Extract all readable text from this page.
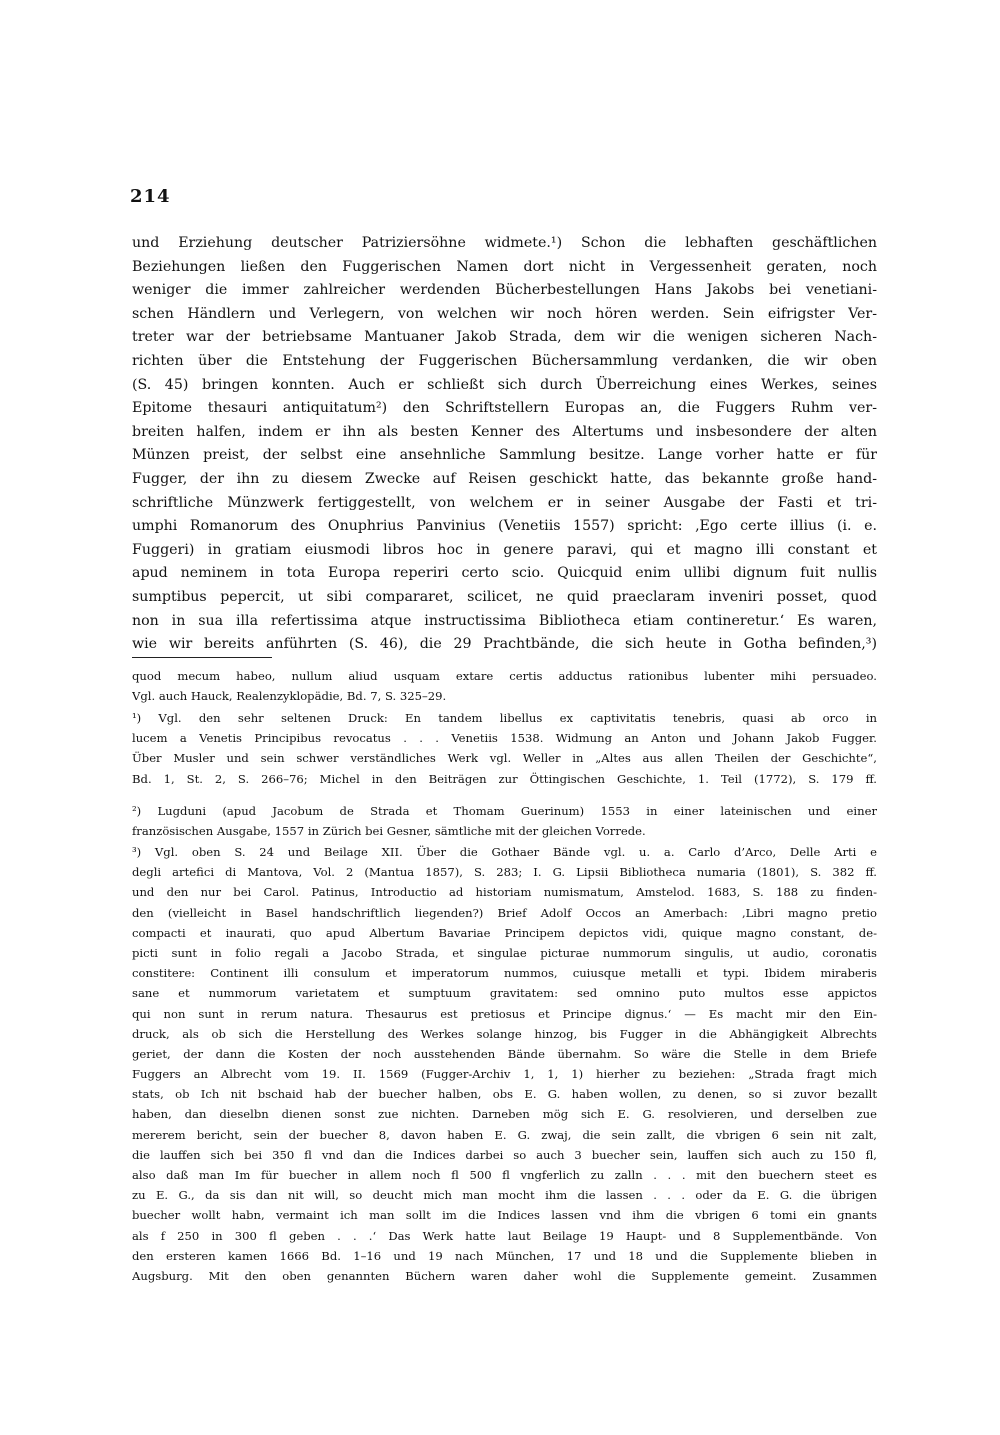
214
und Erziehung deutscher Patriziersöhne widmete.¹) Schon die lebhaften geschäftlichen
Beziehungen ließen den Fuggerischen Namen dort nicht in Vergessenheit geraten, noch
weniger die immer zahlreicher werdenden Bücherbestellungen Hans Jakobs bei venetiani-
schen Händlern und Verlegern, von welchen wir noch hören werden. Sein eifrigster Ver-
treter war der betriebsame Mantuaner Jakob Strada, dem wir die wenigen sicheren Nach-
richten über die Entstehung der Fuggerischen Büchersammlung verdanken, die wir oben
(S. 45) bringen konnten. Auch er schließt sich durch Überreichung eines Werkes, seines
Epitome thesauri antiquitatum²) den Schriftstellern Europas an, die Fuggers Ruhm ver-
breiten halfen, indem er ihn als besten Kenner des Altertums und insbesondere der alten
Münzen preist, der selbst eine ansehnliche Sammlung besitze. Lange vorher hatte er für
Fugger, der ihn zu diesem Zwecke auf Reisen geschickt hatte, das bekannte große hand-
schriftliche Münzwerk fertiggestellt, von welchem er in seiner Ausgabe der Fasti et tri-
umphi Romanorum des Onuphrius Panvinius (Venetiis 1557) spricht: ‚Ego certe illius (i. e.
Fuggeri) in gratiam eiusmodi libros hoc in genere paravi, qui et magno illi constant et
apud neminem in tota Europa reperiri certo scio. Quicquid enim ullibi dignum fuit nullis
sumptibus pepercit, ut sibi compararet, scilicet, ne quid praeclaram inveniri posset, quod
non in sua illa refertissima atque instructissima Bibliotheca etiam contineretur.‘ Es waren,
wie wir bereits anführten (S. 46), die 29 Prachtbände, die sich heute in Gotha befinden,³)
quod mecum habeo, nullum aliud usquam extare certis adductus rationibus lubenter mihi persuadeo.
Vgl. auch Hauck, Realenzyklopädie, Bd. 7, S. 325–29.
¹) Vgl. den sehr seltenen Druck: En tandem libellus ex captivitatis tenebris, quasi ab orco in
lucem a Venetis Principibus revocatus . . . Venetiis 1538. Widmung an Anton und Johann Jakob Fugger.
Über Musler und sein schwer verständliches Werk vgl. Weller in „Altes aus allen Theilen der Geschichte“,
Bd. 1, St. 2, S. 266–76; Michel in den Beiträgen zur Öttingischen Geschichte, 1. Teil (1772), S. 179 ff.
²) Lugduni (apud Jacobum de Strada et Thomam Guerinum) 1553 in einer lateinischen und einer
französischen Ausgabe, 1557 in Zürich bei Gesner, sämtliche mit der gleichen Vorrede.
³) Vgl. oben S. 24 und Beilage XII. Über die Gothaer Bände vgl. u. a. Carlo d’Arco, Delle Arti e
degli artefici di Mantova, Vol. 2 (Mantua 1857), S. 283; I. G. Lipsii Bibliotheca numaria (1801), S. 382 ff.
und den nur bei Carol. Patinus, Introductio ad historiam numismatum, Amstelod. 1683, S. 188 zu finden-
den (vielleicht in Basel handschriftlich liegenden?) Brief Adolf Occos an Amerbach: ‚Libri magno pretio
compacti et inaurati, quo apud Albertum Bavariae Principem depictos vidi, quique magno constant, de-
picti sunt in folio regali a Jacobo Strada, et singulae picturae nummorum singulis, ut audio, coronatis
constitere: Continent illi consulum et imperatorum nummos, cuiusque metalli et typi. Ibidem miraberis
sane et nummorum varietatem et sumptuum gravitatem: sed omnino puto multos esse appictos
qui non sunt in rerum natura. Thesaurus est pretiosus et Principe dignus.‘ — Es macht mir den Ein-
druck, als ob sich die Herstellung des Werkes solange hinzog, bis Fugger in die Abhängigkeit Albrechts
geriet, der dann die Kosten der noch ausstehenden Bände übernahm. So wäre die Stelle in dem Briefe
Fuggers an Albrecht vom 19. II. 1569 (Fugger-Archiv 1, 1, 1) hierher zu beziehen: „Strada fragt mich
stats, ob Ich nit bschaid hab der buecher halben, obs E. G. haben wollen, zu denen, so si zuvor bezallt
haben, dan dieselbn dienen sonst zue nichten. Darneben mög sich E. G. resolvieren, und derselben zue
mererem bericht, sein der buecher 8, davon haben E. G. zwaj, die sein zallt, die vbrigen 6 sein nit zalt,
die lauffen sich bei 350 fl vnd dan die Indices darbei so auch 3 buecher sein, lauffen sich auch zu 150 fl,
also daß man Im für buecher in allem noch fl 500 fl vngferlich zu zalln . . . mit den buechern steet es
zu E. G., da sis dan nit will, so deucht mich man mocht ihm die lassen . . . oder da E. G. die übrigen
buecher wollt habn, vermaint ich man sollt im die Indices lassen vnd ihm die vbrigen 6 tomi ein gnants
als f 250 in 300 fl geben . . .‘ Das Werk hatte laut Beilage 19 Haupt- und 8 Supplementbände. Von
den ersteren kamen 1666 Bd. 1–16 und 19 nach München, 17 und 18 und die Supplemente blieben in
Augsburg. Mit den oben genannten Büchern waren daher wohl die Supplemente gemeint. Zusammen
